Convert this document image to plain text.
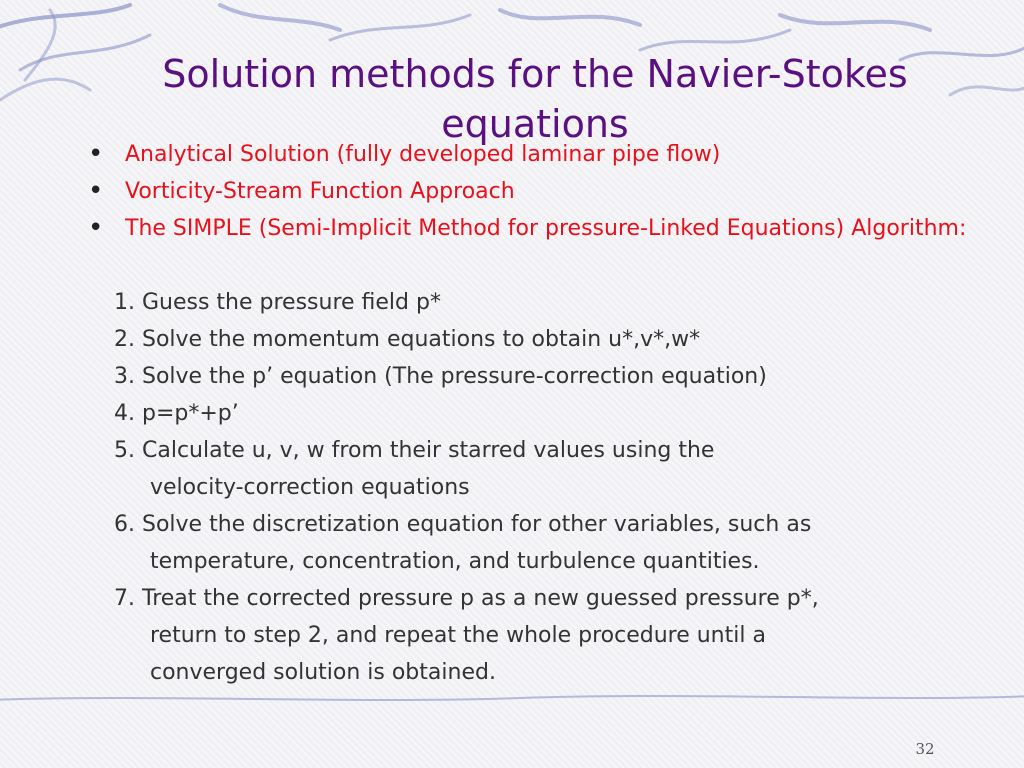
Solution methods for the Navier-Stokes
equations
• Analytical Solution (fully developed laminar pipe flow)
• Vorticity-Stream Function Approach
• The SIMPLE (Semi-Implicit Method for pressure-Linked Equations) Algorithm:
1. Guess the pressure field p*
2. Solve the momentum equations to obtain u*,v*,w*
3. Solve the p’ equation (The pressure-correction equation)
4. p=p*+p’
5. Calculate u, v, w from their starred values using the
velocity-correction equations
6. Solve the discretization equation for other variables, such as
temperature, concentration, and turbulence quantities.
7. Treat the corrected pressure p as a new guessed pressure p*,
return to step 2, and repeat the whole procedure until a
converged solution is obtained.
32
